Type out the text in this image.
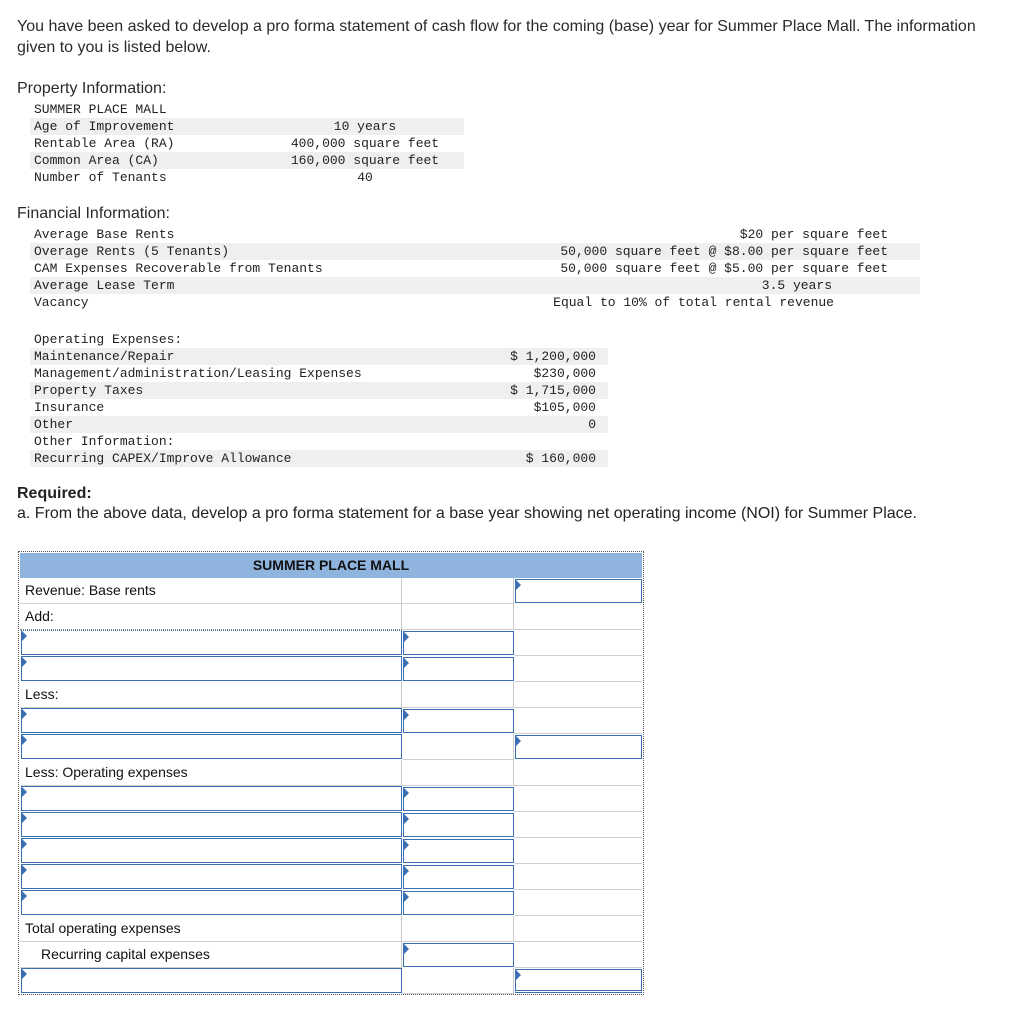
You have been asked to develop a pro forma statement of cash flow for the coming (base) year for Summer Place Mall. The information given to you is listed below.
Property Information:
SUMMER PLACE MALL	
Age of Improvement	10 years
Rentable Area (RA)	400,000 square feet
Common Area (CA)	160,000 square feet
Number of Tenants	40
Financial Information:
Average Base Rents	$20 per square feet
Overage Rents (5 Tenants)	50,000 square feet @ $8.00 per square feet
CAM Expenses Recoverable from Tenants	50,000 square feet @ $5.00 per square feet
Average Lease Term	3.5 years
Vacancy	Equal to 10% of total rental revenue
Operating Expenses:
Maintenance/Repair	$ 1,200,000
Management/administration/Leasing Expenses	$230,000
Property Taxes	$ 1,715,000
Insurance	$105,000
Other	0
Other Information:
Recurring CAPEX/Improve Allowance	$ 160,000
Required:
a. From the above data, develop a pro forma statement for a base year showing net operating income (NOI) for Summer Place.
SUMMER PLACE MALL
Revenue: Base rents
Add:
Less:
Less: Operating expenses
Total operating expenses
Recurring capital expenses
